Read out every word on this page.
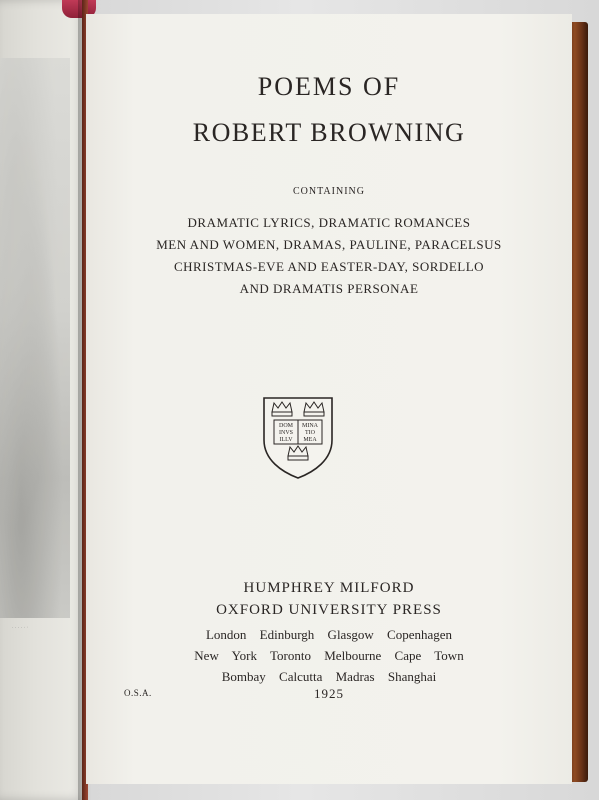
· · · · · ·
POEMS OF
ROBERT BROWNING
CONTAINING
DRAMATIC LYRICS, DRAMATIC ROMANCES
MEN AND WOMEN, DRAMAS, PAULINE, PARACELSUS
CHRISTMAS-EVE AND EASTER-DAY, SORDELLO
AND DRAMATIS PERSONAE
DOM
INVS
ILLV
MINA
TIO
MEA
HUMPHREY MILFORD
OXFORD UNIVERSITY PRESS
London Edinburgh Glasgow Copenhagen
New York Toronto Melbourne Cape Town
Bombay Calcutta Madras Shanghai
1925
O.S.A.
